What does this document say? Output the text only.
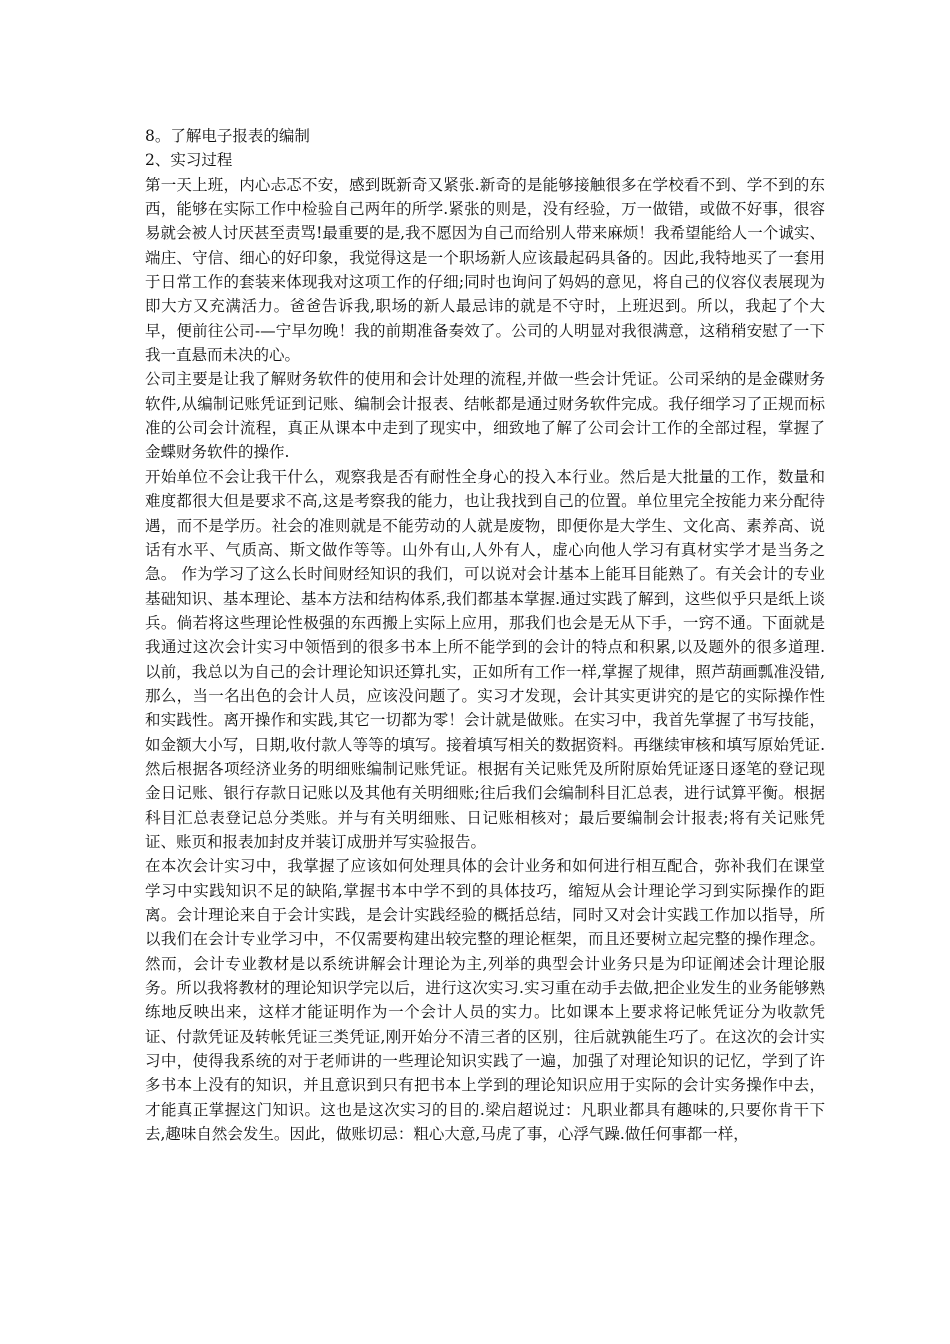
8。了解电子报表的编制
2、实习过程

第一天上班，内心忐忑不安，感到既新奇又紧张.新奇的是能够接触很多在学校看不到、学不到的东西，能够在实际工作中检验自己两年的所学.紧张的则是，没有经验，万一做错，或做不好事，很容易就会被人讨厌甚至责骂!最重要的是,我不愿因为自己而给别人带来麻烦！我希望能给人一个诚实、端庄、守信、细心的好印象，我觉得这是一个职场新人应该最起码具备的。因此,我特地买了一套用于日常工作的套装来体现我对这项工作的仔细;同时也询问了妈妈的意见，将自己的仪容仪表展现为即大方又充满活力。爸爸告诉我,职场的新人最忌讳的就是不守时，上班迟到。所以，我起了个大早，便前往公司-—宁早勿晚！我的前期准备奏效了。公司的人明显对我很满意，这稍稍安慰了一下我一直悬而未决的心。

公司主要是让我了解财务软件的使用和会计处理的流程,并做一些会计凭证。公司采纳的是金碟财务软件,从编制记账凭证到记账、编制会计报表、结帐都是通过财务软件完成。我仔细学习了正规而标准的公司会计流程，真正从课本中走到了现实中，细致地了解了公司会计工作的全部过程，掌握了金蝶财务软件的操作.

开始单位不会让我干什么，观察我是否有耐性全身心的投入本行业。然后是大批量的工作，数量和难度都很大但是要求不高,这是考察我的能力，也让我找到自己的位置。单位里完全按能力来分配待遇，而不是学历。社会的准则就是不能劳动的人就是废物，即便你是大学生、文化高、素养高、说话有水平、气质高、斯文做作等等。山外有山,人外有人，虚心向他人学习有真材实学才是当务之急。 作为学习了这么长时间财经知识的我们，可以说对会计基本上能耳目能熟了。有关会计的专业基础知识、基本理论、基本方法和结构体系,我们都基本掌握.通过实践了解到，这些似乎只是纸上谈兵。倘若将这些理论性极强的东西搬上实际上应用，那我们也会是无从下手，一窍不通。下面就是我通过这次会计实习中领悟到的很多书本上所不能学到的会计的特点和积累,以及题外的很多道理. 以前，我总以为自己的会计理论知识还算扎实，正如所有工作一样,掌握了规律，照芦葫画瓢准没错,那么，当一名出色的会计人员，应该没问题了。实习才发现，会计其实更讲究的是它的实际操作性和实践性。离开操作和实践,其它一切都为零！会计就是做账。在实习中，我首先掌握了书写技能，如金额大小写，日期,收付款人等等的填写。接着填写相关的数据资料。再继续审核和填写原始凭证.然后根据各项经济业务的明细账编制记账凭证。根据有关记账凭及所附原始凭证逐日逐笔的登记现金日记账、银行存款日记账以及其他有关明细账;往后我们会编制科目汇总表，进行试算平衡。根据科目汇总表登记总分类账。并与有关明细账、日记账相核对；最后要编制会计报表;将有关记账凭证、账页和报表加封皮并装订成册并写实验报告。

在本次会计实习中，我掌握了应该如何处理具体的会计业务和如何进行相互配合，弥补我们在课堂学习中实践知识不足的缺陷,掌握书本中学不到的具体技巧，缩短从会计理论学习到实际操作的距离。会计理论来自于会计实践，是会计实践经验的概括总结，同时又对会计实践工作加以指导，所以我们在会计专业学习中，不仅需要构建出较完整的理论框架，而且还要树立起完整的操作理念。然而，会计专业教材是以系统讲解会计理论为主,列举的典型会计业务只是为印证阐述会计理论服务。所以我将教材的理论知识学完以后，进行这次实习.实习重在动手去做,把企业发生的业务能够熟练地反映出来，这样才能证明作为一个会计人员的实力。比如课本上要求将记帐凭证分为收款凭证、付款凭证及转帐凭证三类凭证,刚开始分不清三者的区别，往后就孰能生巧了。在这次的会计实习中，使得我系统的对于老师讲的一些理论知识实践了一遍，加强了对理论知识的记忆，学到了许多书本上没有的知识，并且意识到只有把书本上学到的理论知识应用于实际的会计实务操作中去，才能真正掌握这门知识。这也是这次实习的目的.梁启超说过：凡职业都具有趣味的,只要你肯干下去,趣味自然会发生。因此，做账切忌：粗心大意,马虎了事，心浮气躁.做任何事都一样，
